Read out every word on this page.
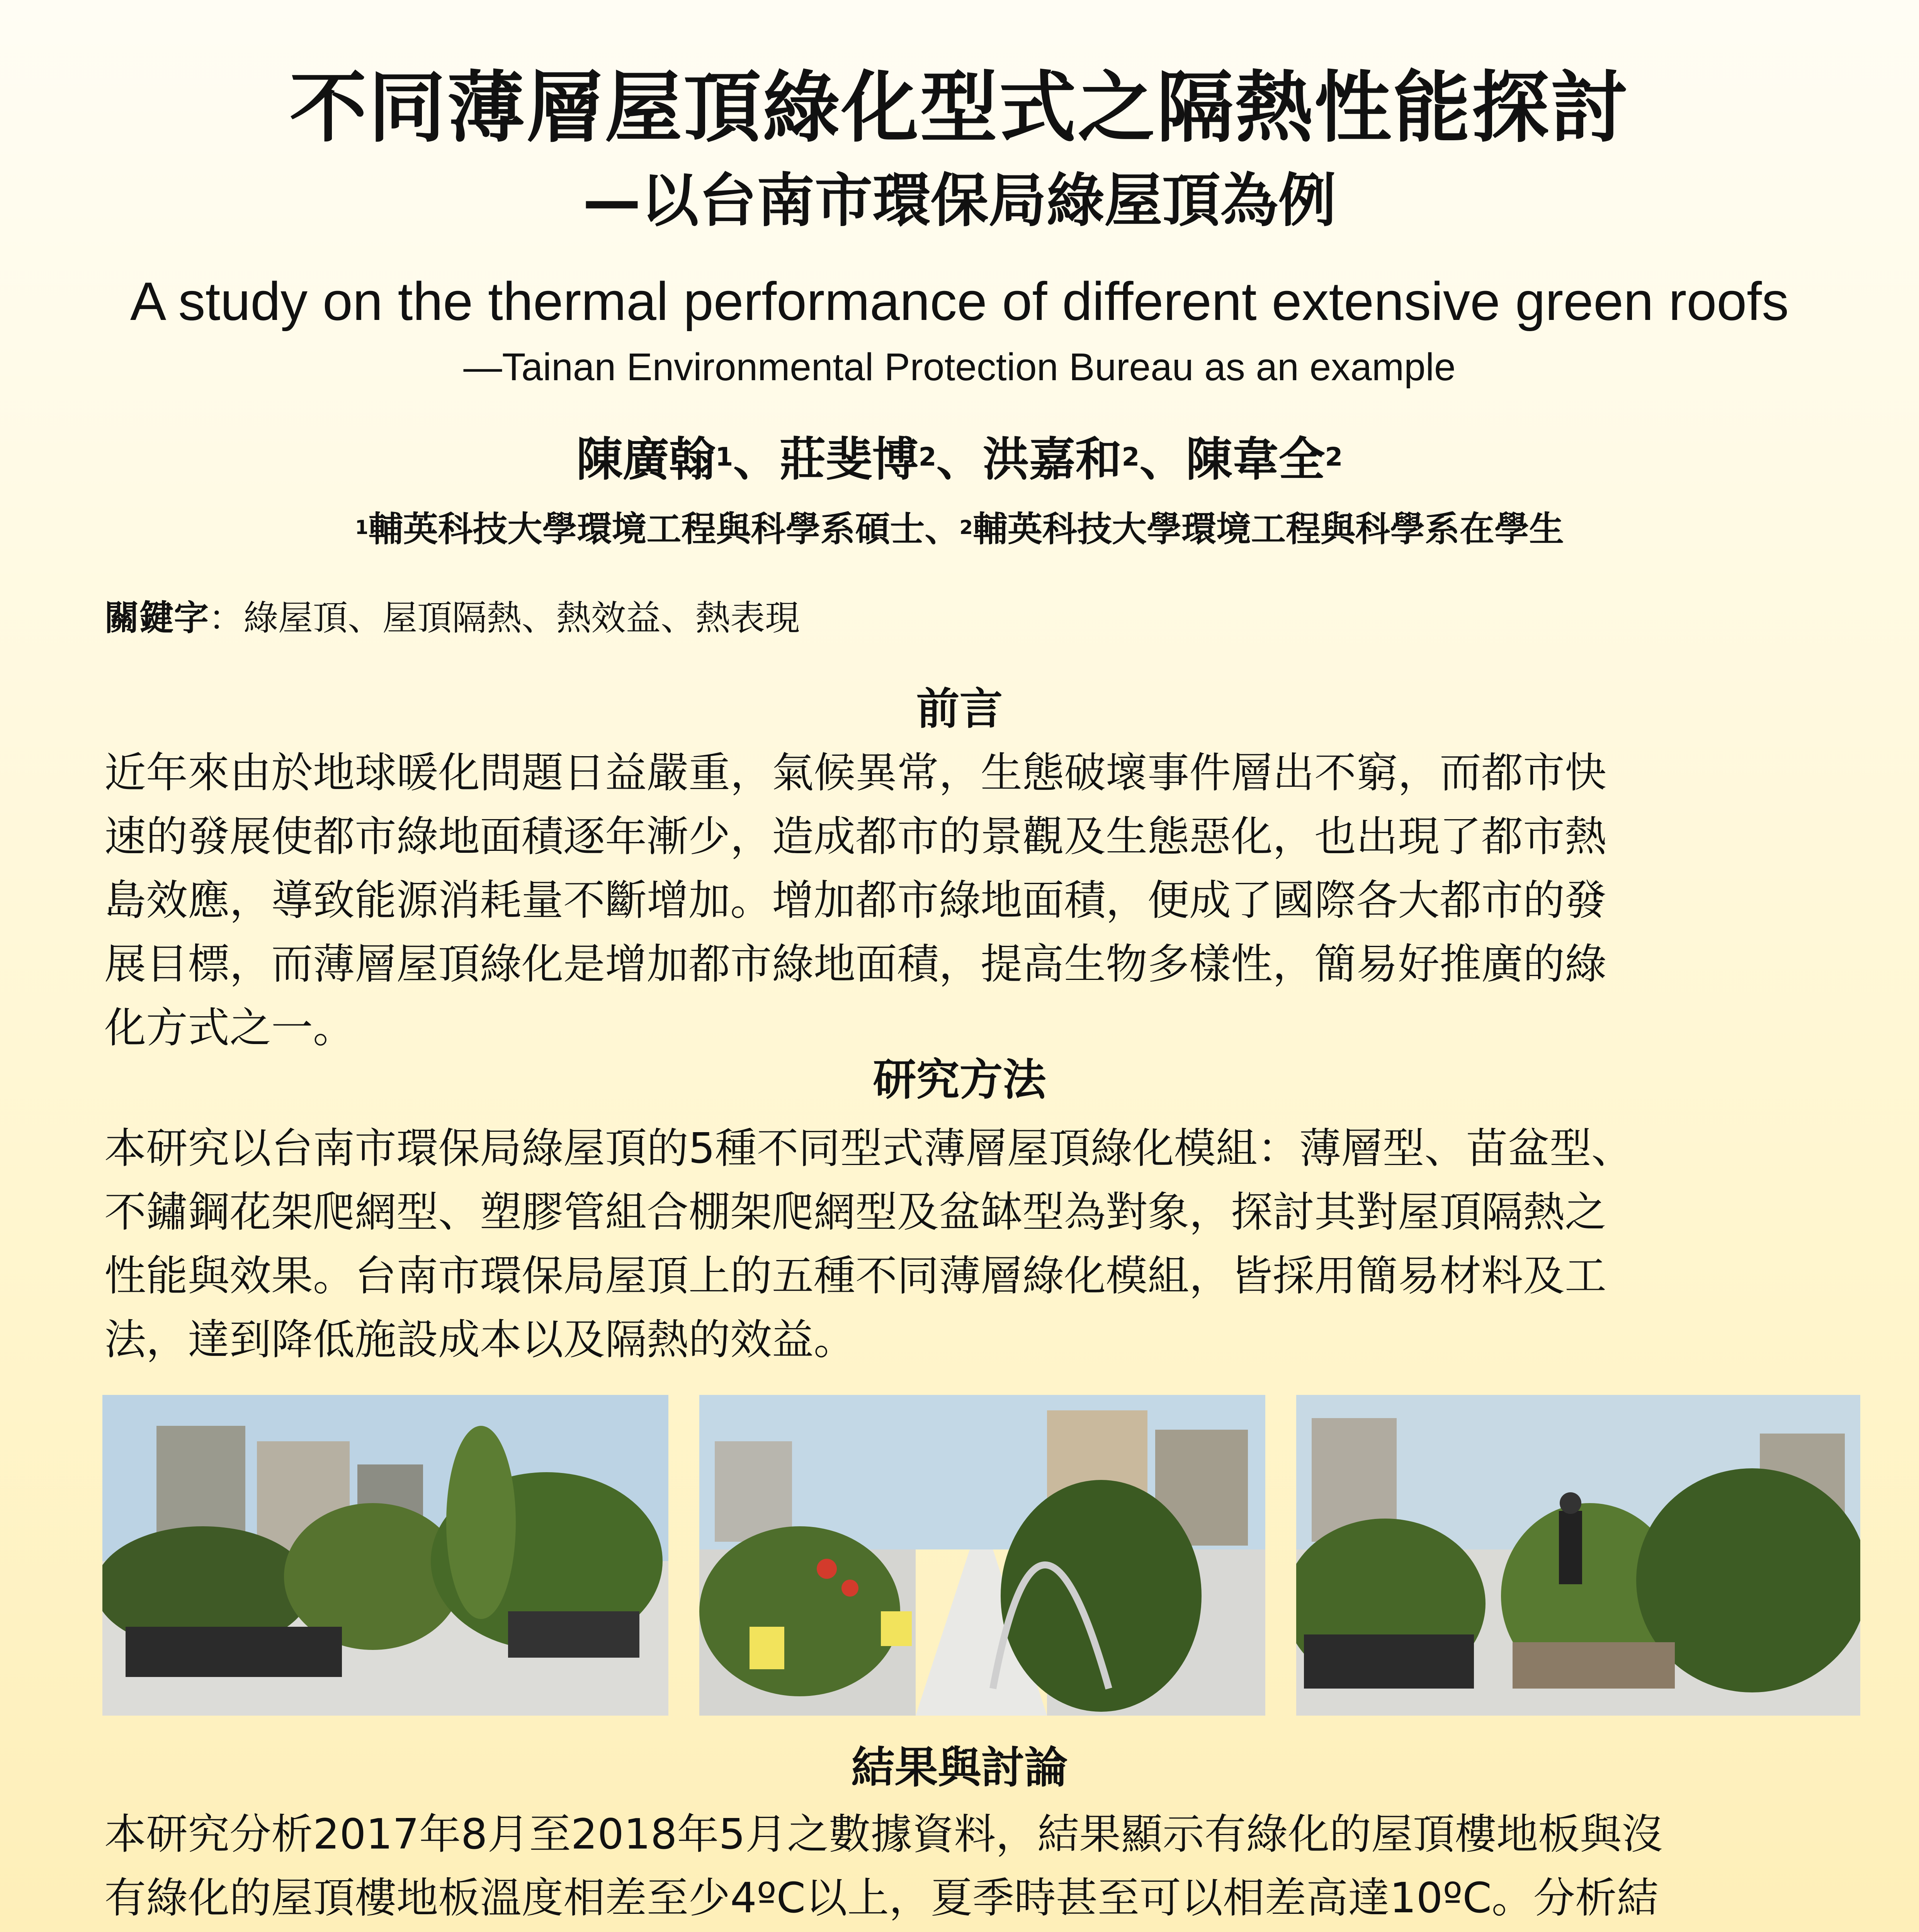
不同薄層屋頂綠化型式之隔熱性能探討
—以台南市環保局綠屋頂為例
A study on the thermal performance of different extensive green roofs
—Tainan Environmental Protection Bureau as an example
陳廣翰$^1$、莊斐博$^2$、洪嘉和$^2$、陳韋全$^2$
$^1$輔英科技大學環境工程與科學系碩士、$^2$輔英科技大學環境工程與科學系在學生
關鍵字：綠屋頂、屋頂隔熱、熱效益、熱表現
前言
近年來由於地球暖化問題日益嚴重，氣候異常，生態破壞事件層出不窮，而都市快
速的發展使都市綠地面積逐年漸少，造成都市的景觀及生態惡化，也出現了都市熱
島效應，導致能源消耗量不斷增加。增加都市綠地面積，便成了國際各大都市的發
展目標，而薄層屋頂綠化是增加都市綠地面積，提高生物多樣性，簡易好推廣的綠
化方式之一。
研究方法
本研究以台南市環保局綠屋頂的5種不同型式薄層屋頂綠化模組：薄層型、苗盆型、
不鏽鋼花架爬網型、塑膠管組合棚架爬網型及盆缽型為對象，探討其對屋頂隔熱之
性能與效果。台南市環保局屋頂上的五種不同薄層綠化模組，皆採用簡易材料及工
法，達到降低施設成本以及隔熱的效益。
結果與討論
本研究分析2017年8月至2018年5月之數據資料，結果顯示有綠化的屋頂樓地板與沒
有綠化的屋頂樓地板溫度相差至少4ºC以上，夏季時甚至可以相差高達10ºC。分析結
